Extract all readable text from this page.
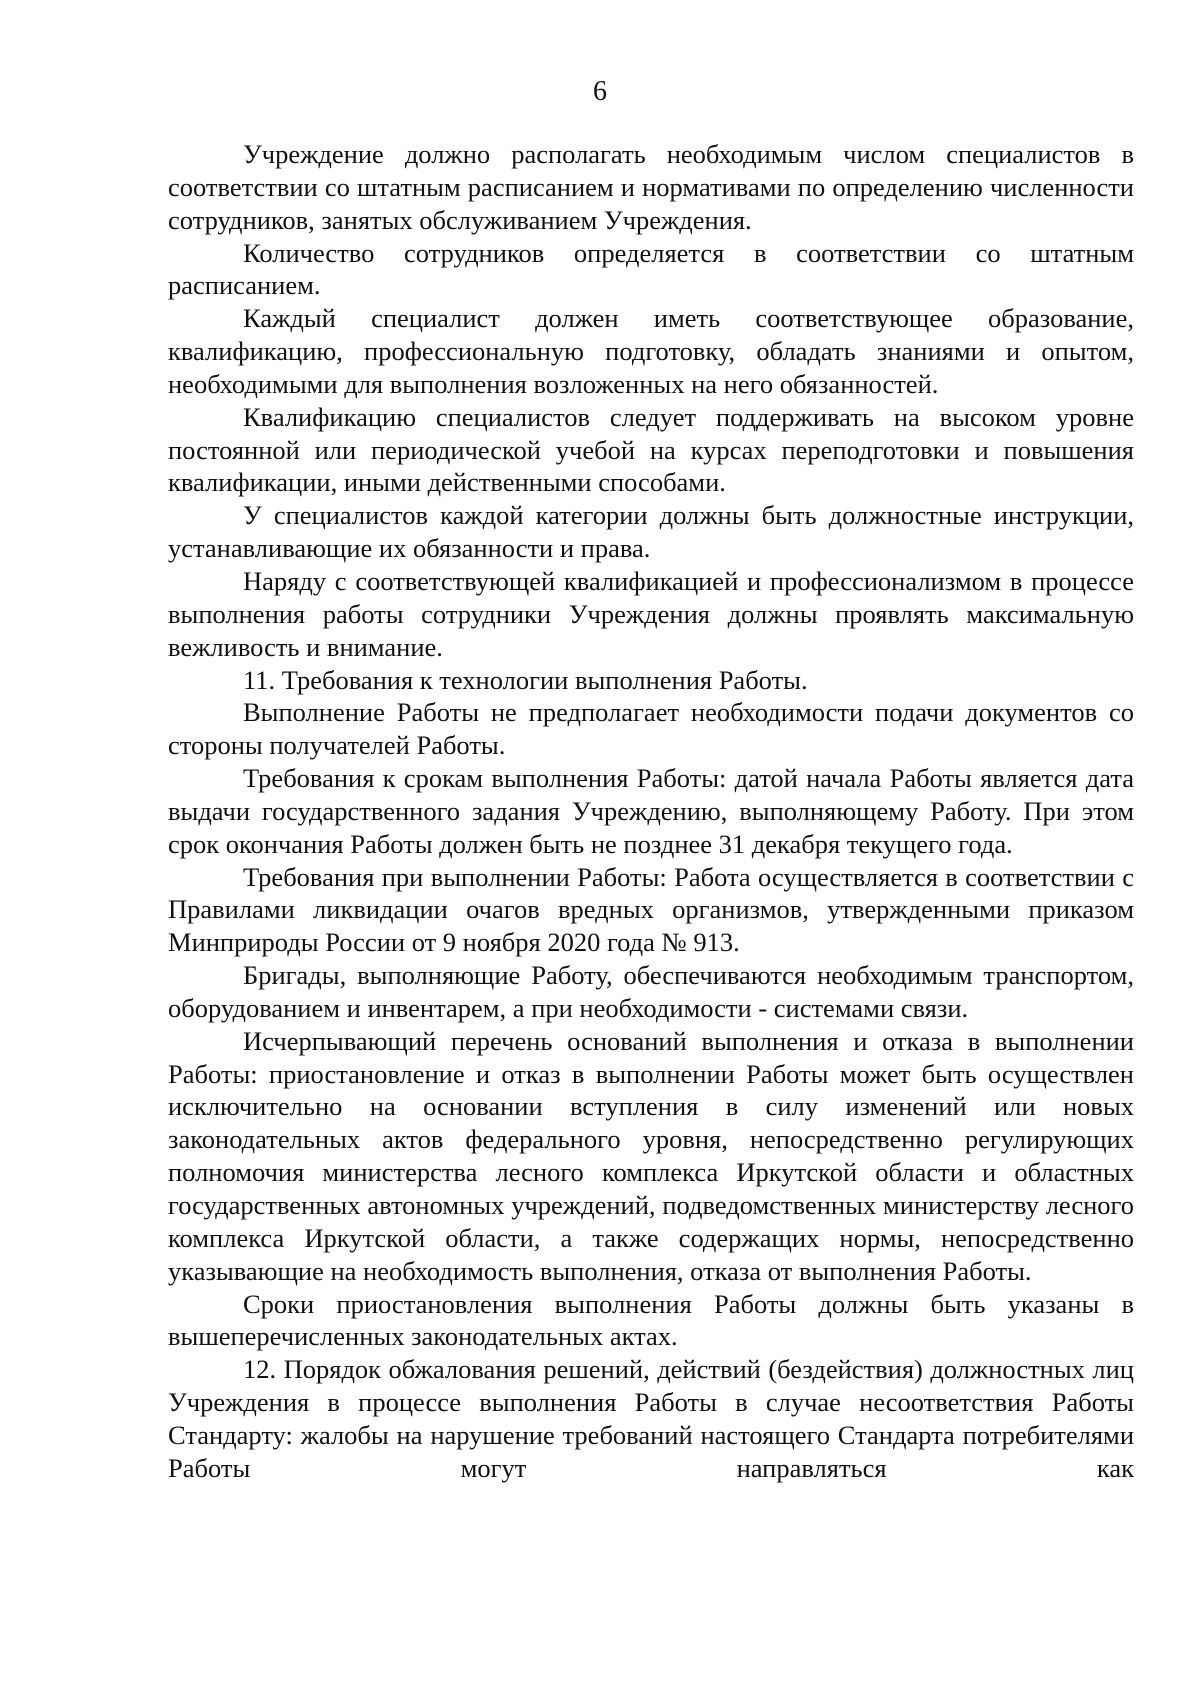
6

Учреждение должно располагать необходимым числом специалистов в соответствии со штатным расписанием и нормативами по определению численности сотрудников, занятых обслуживанием Учреждения.

Количество сотрудников определяется в соответствии со штатным расписанием.

Каждый специалист должен иметь соответствующее образование, квалификацию, профессиональную подготовку, обладать знаниями и опытом, необходимыми для выполнения возложенных на него обязанностей.

Квалификацию специалистов следует поддерживать на высоком уровне постоянной или периодической учебой на курсах переподготовки и повышения квалификации, иными действенными способами.

У специалистов каждой категории должны быть должностные инструкции, устанавливающие их обязанности и права.

Наряду с соответствующей квалификацией и профессионализмом в процессе выполнения работы сотрудники Учреждения должны проявлять максимальную вежливость и внимание.

11. Требования к технологии выполнения Работы.

Выполнение Работы не предполагает необходимости подачи документов со стороны получателей Работы.

Требования к срокам выполнения Работы: датой начала Работы является дата выдачи государственного задания Учреждению, выполняющему Работу. При этом срок окончания Работы должен быть не позднее 31 декабря текущего года.

Требования при выполнении Работы: Работа осуществляется в соответствии с Правилами ликвидации очагов вредных организмов, утвержденными приказом Минприроды России от 9 ноября 2020 года № 913.

Бригады, выполняющие Работу, обеспечиваются необходимым транспортом, оборудованием и инвентарем, а при необходимости - системами связи.

Исчерпывающий перечень оснований выполнения и отказа в выполнении Работы: приостановление и отказ в выполнении Работы может быть осуществлен исключительно на основании вступления в силу изменений или новых законодательных актов федерального уровня, непосредственно регулирующих полномочия министерства лесного комплекса Иркутской области и областных государственных автономных учреждений, подведомственных министерству лесного комплекса Иркутской области, а также содержащих нормы, непосредственно указывающие на необходимость выполнения, отказа от выполнения Работы.

Сроки приостановления выполнения Работы должны быть указаны в вышеперечисленных законодательных актах.

12. Порядок обжалования решений, действий (бездействия) должностных лиц Учреждения в процессе выполнения Работы в случае несоответствия Работы Стандарту: жалобы на нарушение требований настоящего Стандарта потребителями Работы могут направляться как
